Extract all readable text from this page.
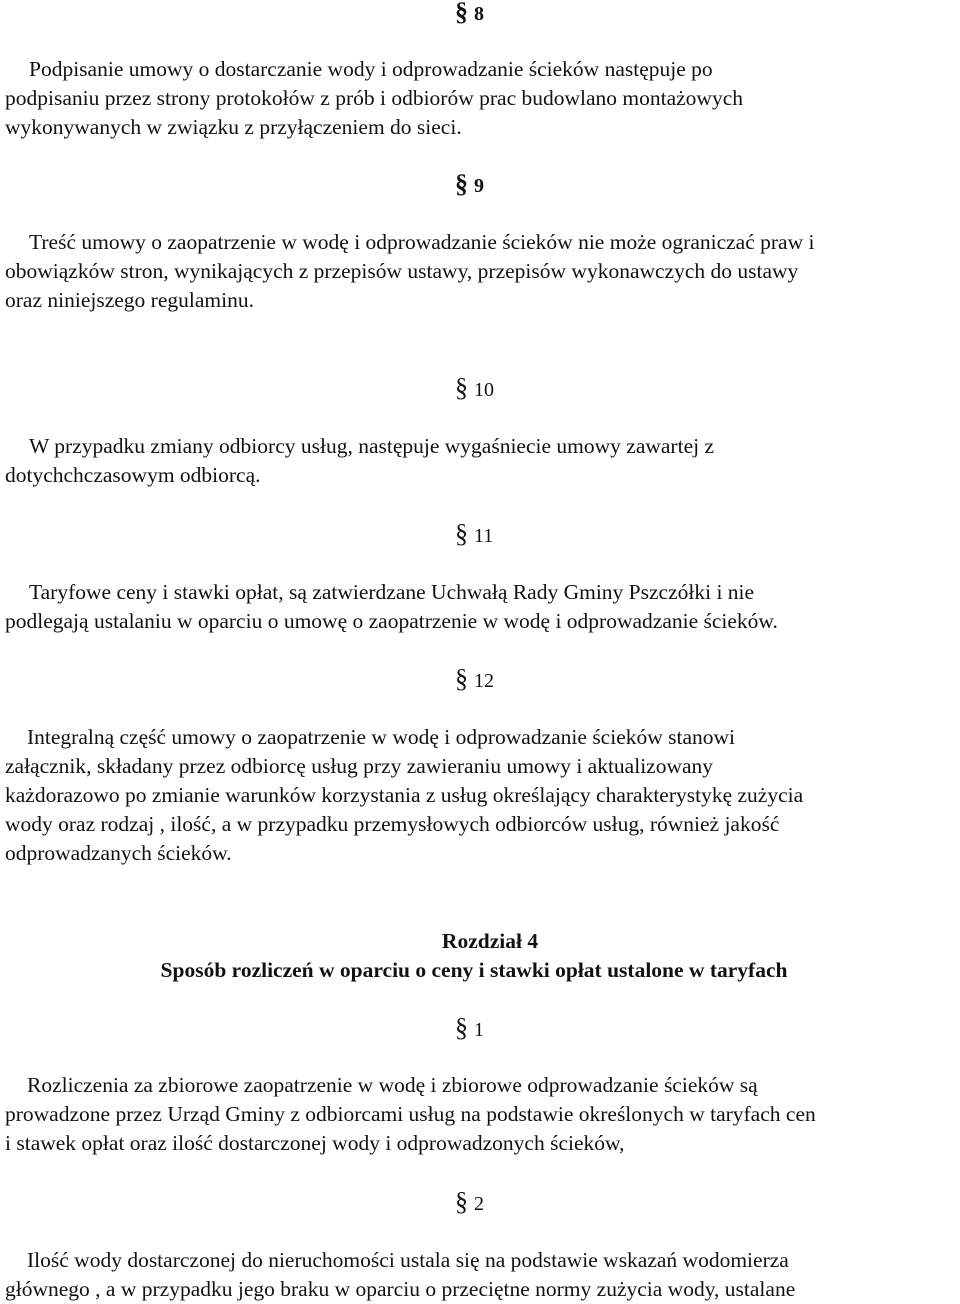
§ 8
Podpisanie umowy o dostarczanie wody i odprowadzanie ścieków następuje po
podpisaniu przez strony protokołów z prób i odbiorów prac budowlano montażowych
wykonywanych w związku z przyłączeniem do sieci.
§ 9
Treść umowy o zaopatrzenie w wodę i odprowadzanie ścieków nie może ograniczać praw i
obowiązków stron, wynikających z przepisów ustawy, przepisów wykonawczych do ustawy
oraz niniejszego regulaminu.
§ 10
W przypadku zmiany odbiorcy usług, następuje wygaśniecie umowy zawartej z
dotychchczasowym odbiorcą.
§ 11
Taryfowe ceny i stawki opłat, są zatwierdzane Uchwałą Rady Gminy Pszczółki i nie
podlegają ustalaniu w oparciu o umowę o zaopatrzenie w wodę i odprowadzanie ścieków.
§ 12
Integralną część umowy o zaopatrzenie w wodę i odprowadzanie ścieków stanowi
załącznik, składany przez odbiorcę usług przy zawieraniu umowy i aktualizowany
każdorazowo po zmianie warunków korzystania z usług określający charakterystykę zużycia
wody oraz rodzaj , ilość, a w przypadku przemysłowych odbiorców usług, również jakość
odprowadzanych ścieków.
Rozdział 4
Sposób rozliczeń w oparciu o ceny i stawki opłat ustalone w taryfach
§ 1
Rozliczenia za zbiorowe zaopatrzenie w wodę i zbiorowe odprowadzanie ścieków są
prowadzone przez Urząd Gminy z odbiorcami usług na podstawie określonych w taryfach cen
i stawek opłat oraz ilość dostarczonej wody i odprowadzonych ścieków,
§ 2
Ilość wody dostarczonej do nieruchomości ustala się na podstawie wskazań wodomierza
głównego , a w przypadku jego braku w oparciu o przeciętne normy zużycia wody, ustalane
